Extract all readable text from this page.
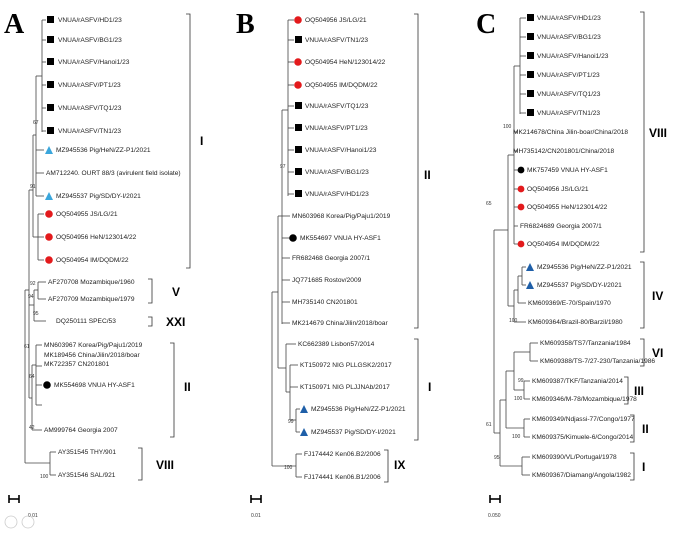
A	VNUA/rASFV/HD1/23
VNUA/rASFV/BG1/23
VNUA/rASFV/Hanoi1/23
VNUA/rASFV/PT1/23
VNUA/rASFV/TQ1/23
VNUA/rASFV/TN1/23
MZ945536 Pig/HeN/ZZ-P1/2021
AM712240. OURT 88/3 (avirulent field isolate)
MZ945537 Pig/SD/DY-I/2021
OQ504955 JS/LG/21
OQ504956 HeN/123014/22
OQ504954 IM/DQDM/22
AF270708 Mozambique/1960
AF270709 Mozambique/1979
DQ250111 SPEC/53
MN603967 Korea/Pig/Paju1/2019
MK189456 China/Jilin/2018/boar
MK722357 CN201801
MK554698 VNUA HY-ASF1
AM999764 Georgia 2007
AY351545 THY/901
AY351546 SAL/921
67
91
92
94
95
61
64
42
100
I
V
XXI
II
VIII
0.01
B	OQ504956 JS/LG/21
VNUA/rASFV/TN1/23
OQ504954 HeN/123014/22
OQ504955 IM/DQDM/22
VNUA/rASFV/TQ1/23
VNUA/rASFV/PT1/23
VNUA/rASFV/Hanoi1/23
VNUA/rASFV/BG1/23
VNUA/rASFV/HD1/23
MN603968 Korea/Pig/Paju1/2019
MK554697 VNUA HY-ASF1
FR682468 Georgia 2007/1
JQ771685 Rostov/2009
MH735140 CN201801
MK214679 China/Jilin/2018/boar
KC662389 Lisbon57/2014
KT150972 NIG PLLGSK2/2017
KT150971 NIG PLJJNAb/2017
MZ945536 Pig/HeN/ZZ-P1/2021
MZ945537 Pig/SD/DY-I/2021
FJ174442 Ken06.B2/2006
FJ174441 Ken06.B1/2006
97
99
100
II
I
IX
0.01
C	VNUA/rASFV/HD1/23
VNUA/rASFV/BG1/23
VNUA/rASFV/Hanoi1/23
VNUA/rASFV/PT1/23
VNUA/rASFV/TQ1/23
VNUA/rASFV/TN1/23
MK214678/China Jilin-boar/China/2018
MH735142/CN201801/China/2018
MK757459 VNUA HY-ASF1
OQ504956 JS/LG/21
OQ504955 HeN/123014/22
FR6824689 Georgia 2007/1
OQ504954 IM/DQDM/22
MZ945536 Pig/HeN/ZZ-P1/2021
MZ945537 Pig/SD/DY-I/2021
KM609369/E-70/Spain/1970
KM609364/Brazil-80/Barzil/1980
KM609358/TS7/Tanzania/1984
KM609388/TS-7/27-230/Tanzania/1986
KM609387/TKF/Tanzania/2014
KM609346/M-78/Mozambique/1978
KM609349/Ndjassi-77/Congo/1977
KM609375/Kimuele-6/Congo/2014
KM609390/VL/Portugal/1978
KM609367/Diamang/Angola/1982
100
65
100
99
100
61
100
95
VIII
IV
VI
III
II
I
0.050
